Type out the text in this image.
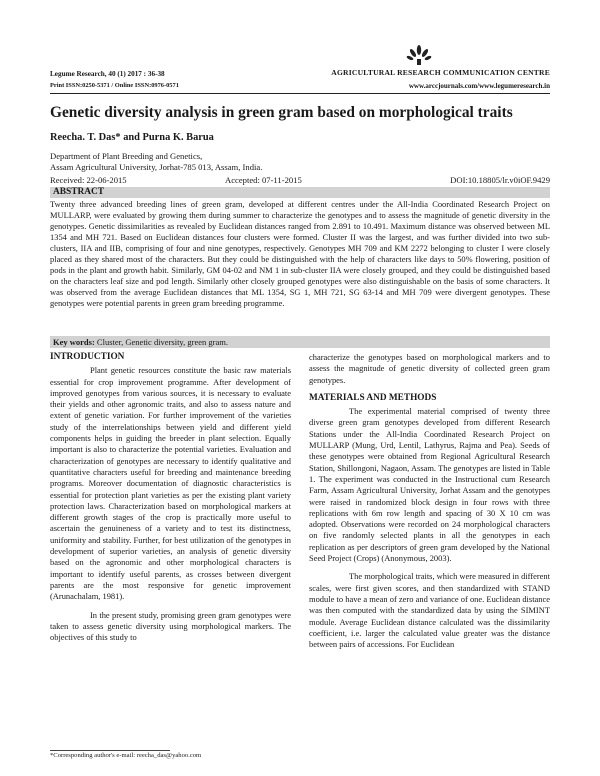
Legume Research, 40 (1) 2017 : 36-38
Print ISSN:0250-5371 / Online ISSN:0976-0571
AGRICULTURAL RESEARCH COMMUNICATION CENTRE
www.arccjournals.com/www.legumeresearch.in
Genetic diversity analysis in green gram based on morphological traits
Reecha. T. Das* and Purna K. Barua
Department of Plant Breeding and Genetics,
Assam Agricultural University, Jorhat-785 013, Assam, India.
Received: 22-06-2015	Accepted: 07-11-2015	DOI:10.18805/lr.v0iOF.9429
ABSTRACT
Twenty three advanced breeding lines of green gram, developed at different centres under the All-India Coordinated Research Project on MULLARP, were evaluated by growing them during summer to characterize the genotypes and to assess the magnitude of genetic diversity in the genotypes. Genetic dissimilarities as revealed by Euclidean distances ranged from 2.891 to 10.491. Maximum distance was observed between ML 1354 and MH 721. Based on Euclidean distances four clusters were formed. Cluster II was the largest, and was further divided into two sub-clusters, IIA and IIB, comprising of four and nine genotypes, respectively. Genotypes MH 709 and KM 2272 belonging to cluster I were closely placed as they shared most of the characters. But they could be distinguished with the help of characters like days to 50% flowering, position of pods in the plant and growth habit. Similarly, GM 04-02 and NM 1 in sub-cluster IIA were closely grouped, and they could be distinguished based on the characters leaf size and pod length. Similarly other closely grouped genotypes were also distinguishable on the basis of some characters. It was observed from the average Euclidean distances that ML 1354, SG 1, MH 721, SG 63-14 and MH 709 were divergent genotypes. These genotypes were potential parents in green gram breeding programme.
Key words: Cluster, Genetic diversity, green gram.
INTRODUCTION

Plant genetic resources constitute the basic raw materials essential for crop improvement programme. After development of improved genotypes from various sources, it is necessary to evaluate their yields and other agronomic traits, and also to assess nature and extent of genetic variation. For further improvement of the varieties study of the interrelationships between yield and different yield components helps in guiding the breeder in plant selection. Equally important is also to characterize the potential varieties. Evaluation and characterization of genotypes are necessary to identify qualitative and quantitative characters useful for breeding and maintenance breeding programs. Moreover documentation of diagnostic characteristics is essential for protection plant varieties as per the existing plant variety protection laws. Characterization based on morphological markers at different growth stages of the crop is practically more useful to ascertain the genuineness of a variety and to test its distinctness, uniformity and stability. Further, for best utilization of the genotypes in development of superior varieties, an analysis of genetic diversity based on the agronomic and other morphological characters is important to identify useful parents, as crosses between divergent parents are the most responsive for genetic improvement (Arunachalam, 1981).

In the present study, promising green gram genotypes were taken to assess genetic diversity using morphological markers. The objectives of this study to

characterize the genotypes based on morphological markers and to assess the magnitude of genetic diversity of collected green gram genotypes.

MATERIALS AND METHODS

The experimental material comprised of twenty three diverse green gram genotypes developed from different Research Stations under the All-India Coordinated Research Project on MULLARP (Mung, Urd, Lentil, Lathyrus, Rajma and Pea). Seeds of these genotypes were obtained from Regional Agricultural Research Station, Shillongoni, Nagaon, Assam. The genotypes are listed in Table 1. The experiment was conducted in the Instructional cum Research Farm, Assam Agricultural University, Jorhat Assam and the genotypes were raised in randomized block design in four rows with three replications with 6m row length and spacing of 30 X 10 cm was adopted. Observations were recorded on 24 morphological characters on five randomly selected plants in all the genotypes in each replication as per descriptors of green gram developed by the National Seed Project (Crops) (Anonymous, 2003).

The morphological traits, which were measured in different scales, were first given scores, and then standardized with STAND module to have a mean of zero and variance of one. Euclidean distance was then computed with the standardized data by using the SIMINT module. Average Euclidean distance calculated was the dissimilarity coefficient, i.e. larger the calculated value greater was the distance between pairs of accessions. For Euclidean

*Corresponding author's e-mail: reecha_das@yahoo.com
